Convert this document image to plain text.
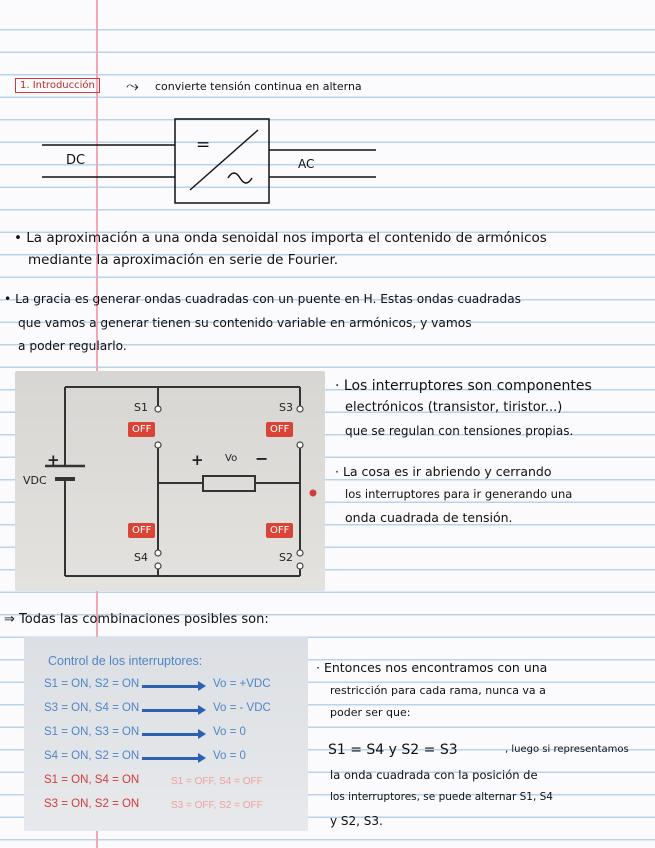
1. Introducción	⤳ convierte tensión continua en alterna
=
DC	AC
• La aproximación a una onda senoidal nos importa el contenido de armónicos
mediante la aproximación en serie de Fourier.
• La gracia es generar ondas cuadradas con un puente en H. Estas ondas cuadradas
que vamos a generar tienen su contenido variable en armónicos, y vamos
a poder regularlo.
S1	S3
S4	S2
VDC
+	+ Vo −
OFF	OFF
OFF	OFF
· Los interruptores son componentes
electrónicos (transistor, tiristor...)
que se regulan con tensiones propias.
· La cosa es ir abriendo y cerrando
los interruptores para ir generando una
onda cuadrada de tensión.
⇒ Todas las combinaciones posibles son:
Control de los interruptores:
S1 = ON, S2 = ON	Vo = +VDC
S3 = ON, S4 = ON	Vo = - VDC
S1 = ON, S3 = ON	Vo = 0
S4 = ON, S2 = ON	Vo = 0
S1 = ON, S4 = ON	S1 = OFF, S4 = OFF
S3 = ON, S2 = ON	S3 = OFF, S2 = OFF
· Entonces nos encontramos con una
restricción para cada rama, nunca va a
poder ser que:
S1 = S4 y S2 = S3	, luego si representamos
la onda cuadrada con la posición de
los interruptores, se puede alternar S1, S4
y S2, S3.
